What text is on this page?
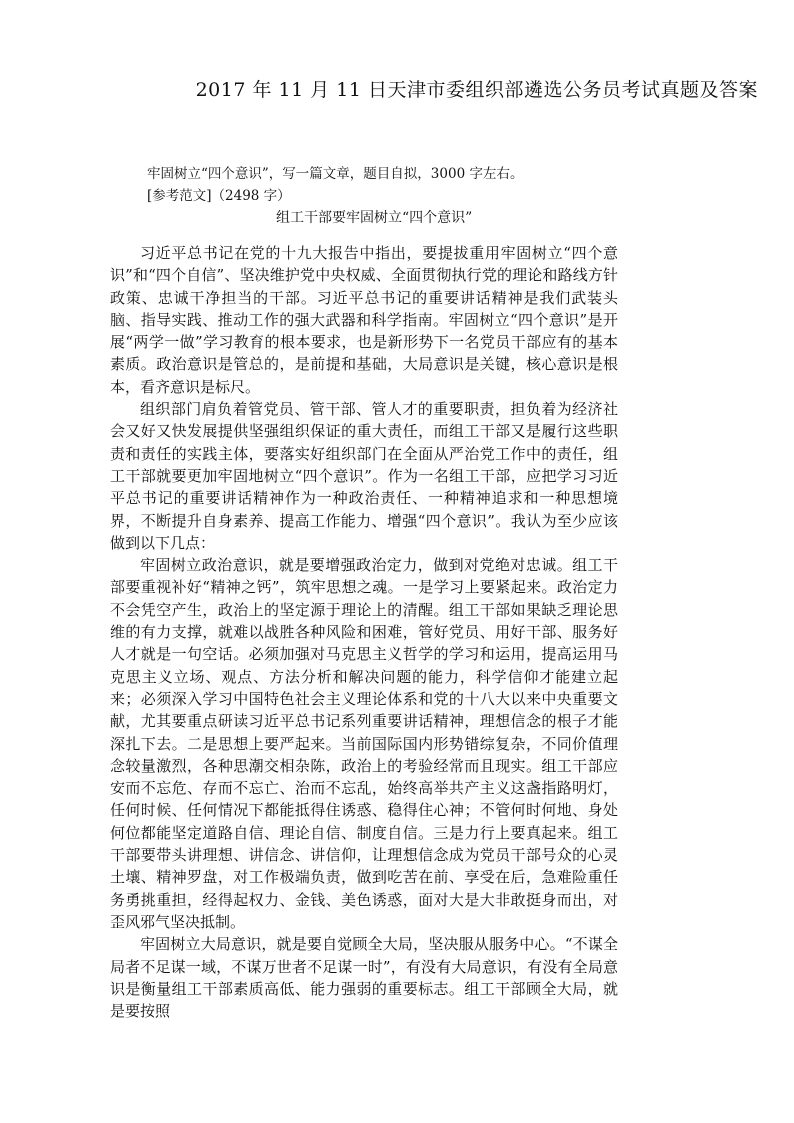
2017 年 11 月 11 日天津市委组织部遴选公务员考试真题及答案

牢固树立“四个意识”，写一篇文章，题目自拟，3000 字左右。

[参考范文]（2498 字）

组工干部要牢固树立“四个意识”

习近平总书记在党的十九大报告中指出，要提拔重用牢固树立“四个意识”和“四个自信”、坚决维护党中央权威、全面贯彻执行党的理论和路线方针政策、忠诚干净担当的干部。习近平总书记的重要讲话精神是我们武装头脑、指导实践、推动工作的强大武器和科学指南。牢固树立“四个意识”是开展“两学一做”学习教育的根本要求，也是新形势下一名党员干部应有的基本素质。政治意识是管总的，是前提和基础，大局意识是关键，核心意识是根本，看齐意识是标尺。

组织部门肩负着管党员、管干部、管人才的重要职责，担负着为经济社会又好又快发展提供坚强组织保证的重大责任，而组工干部又是履行这些职责和责任的实践主体，要落实好组织部门在全面从严治党工作中的责任，组工干部就要更加牢固地树立“四个意识”。作为一名组工干部，应把学习习近平总书记的重要讲话精神作为一种政治责任、一种精神追求和一种思想境界，不断提升自身素养、提高工作能力、增强“四个意识”。我认为至少应该做到以下几点：

牢固树立政治意识，就是要增强政治定力，做到对党绝对忠诚。组工干部要重视补好“精神之钙”，筑牢思想之魂。一是学习上要紧起来。政治定力不会凭空产生，政治上的坚定源于理论上的清醒。组工干部如果缺乏理论思维的有力支撑，就难以战胜各种风险和困难，管好党员、用好干部、服务好人才就是一句空话。必须加强对马克思主义哲学的学习和运用，提高运用马克思主义立场、观点、方法分析和解决问题的能力，科学信仰才能建立起来；必须深入学习中国特色社会主义理论体系和党的十八大以来中央重要文献，尤其要重点研读习近平总书记系列重要讲话精神，理想信念的根子才能深扎下去。二是思想上要严起来。当前国际国内形势错综复杂，不同价值理念较量激烈，各种思潮交相杂陈，政治上的考验经常而且现实。组工干部应安而不忘危、存而不忘亡、治而不忘乱，始终高举共产主义这盏指路明灯，任何时候、任何情况下都能抵得住诱惑、稳得住心神；不管何时何地、身处何位都能坚定道路自信、理论自信、制度自信。三是力行上要真起来。组工干部要带头讲理想、讲信念、讲信仰，让理想信念成为党员干部号众的心灵土壤、精神罗盘，对工作极端负责，做到吃苦在前、享受在后，急难险重任务勇挑重担，经得起权力、金钱、美色诱惑，面对大是大非敢挺身而出，对歪风邪气坚决抵制。

牢固树立大局意识，就是要自觉顾全大局，坚决服从服务中心。“不谋全局者不足谋一域，不谋万世者不足谋一时”，有没有大局意识，有没有全局意识是衡量组工干部素质高低、能力强弱的重要标志。组工干部顾全大局，就是要按照
